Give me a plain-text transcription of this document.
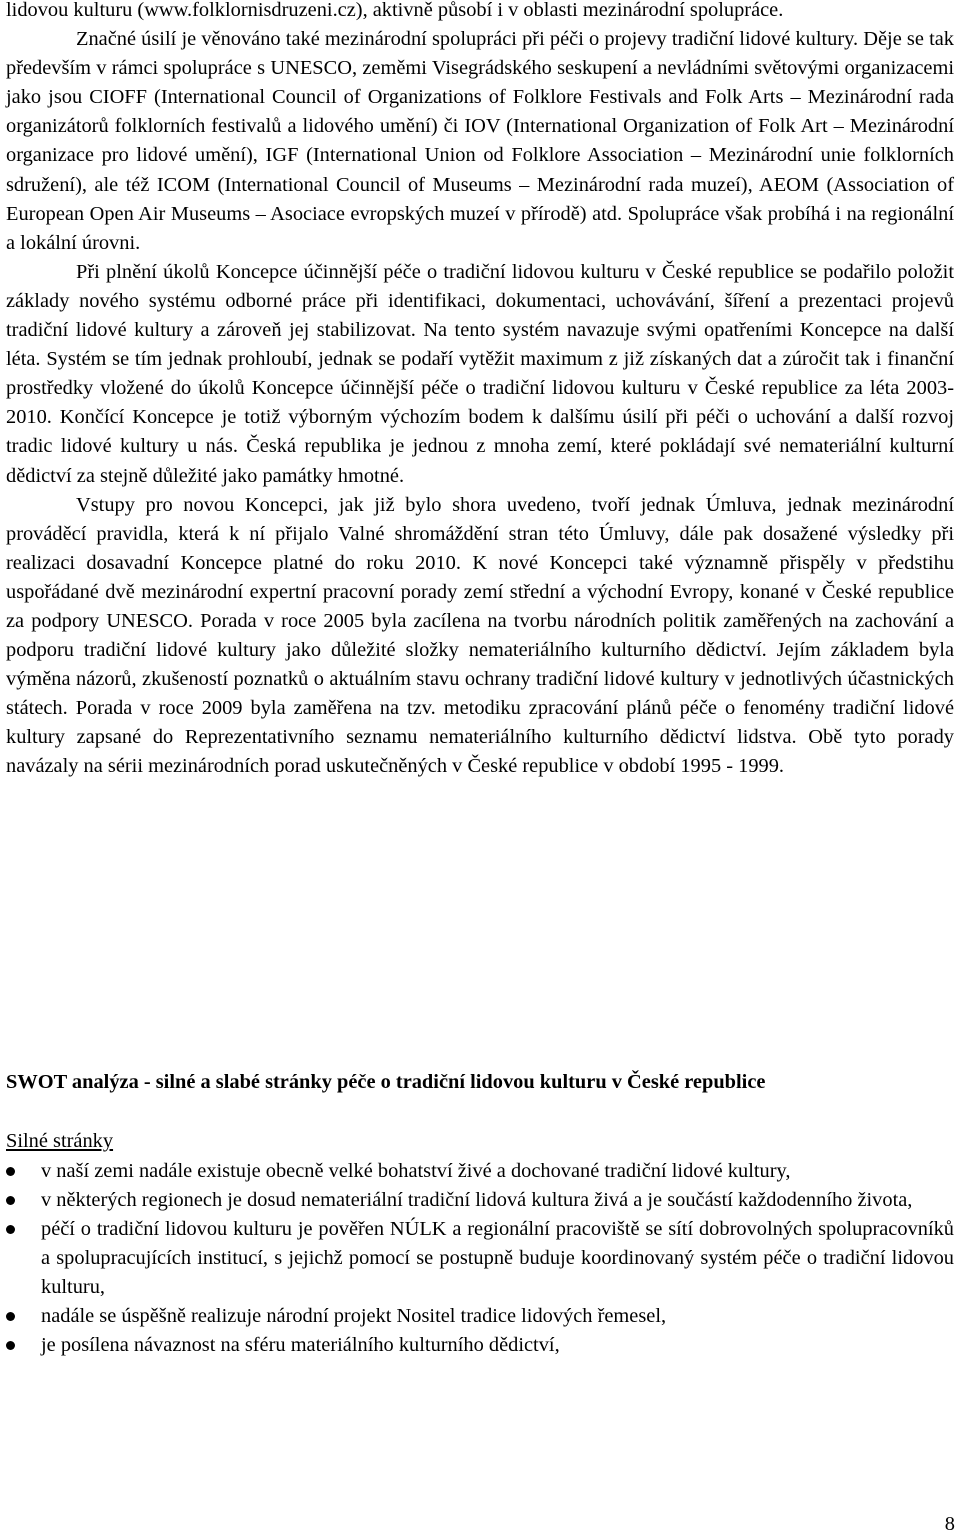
lidovou kulturu (www.folklornisdruzeni.cz), aktivně působí i v oblasti mezinárodní spolupráce.

Značné úsilí je věnováno také mezinárodní spolupráci při péči o projevy tradiční lidové kultury. Děje se tak především v rámci spolupráce s UNESCO, zeměmi Visegrádského seskupení a nevládními světovými organizacemi jako jsou CIOFF (International Council of Organizations of Folklore Festivals and Folk Arts – Mezinárodní rada organizátorů folklorních festivalů a lidového umění) či IOV (International Organization of Folk Art – Mezinárodní organizace pro lidové umění), IGF (International Union od Folklore Association – Mezinárodní unie folklorních sdružení), ale též ICOM (International Council of Museums – Mezinárodní rada muzeí), AEOM (Association of European Open Air Museums – Asociace evropských muzeí v přírodě) atd. Spolupráce však probíhá i na regionální a lokální úrovni.

Při plnění úkolů Koncepce účinnější péče o tradiční lidovou kulturu v České republice se podařilo položit základy nového systému odborné práce při identifikaci, dokumentaci, uchovávání, šíření a prezentaci projevů tradiční lidové kultury a zároveň jej stabilizovat. Na tento systém navazuje svými opatřeními Koncepce na další léta. Systém se tím jednak prohloubí, jednak se podaří vytěžit maximum z již získaných dat a zúročit tak i finanční prostředky vložené do úkolů Koncepce účinnější péče o tradiční lidovou kulturu v České republice za léta 2003-2010. Končící Koncepce je totiž výborným výchozím bodem k dalšímu úsilí při péči o uchování a další rozvoj tradic lidové kultury u nás. Česká republika je jednou z mnoha zemí, které pokládají své nemateriální kulturní dědictví za stejně důležité jako památky hmotné.

Vstupy pro novou Koncepci, jak již bylo shora uvedeno, tvoří jednak Úmluva, jednak mezinárodní prováděcí pravidla, která k ní přijalo Valné shromáždění stran této Úmluvy, dále pak dosažené výsledky při realizaci dosavadní Koncepce platné do roku 2010. K nové Koncepci také významně přispěly v předstihu uspořádané dvě mezinárodní expertní pracovní porady zemí střední a východní Evropy, konané v České republice za podpory UNESCO. Porada v roce 2005 byla zacílena na tvorbu národních politik zaměřených na zachování a podporu tradiční lidové kultury jako důležité složky nemateriálního kulturního dědictví. Jejím základem byla výměna názorů, zkušeností poznatků o aktuálním stavu ochrany tradiční lidové kultury v jednotlivých účastnických státech. Porada v roce 2009 byla zaměřena na tzv. metodiku zpracování plánů péče o fenomény tradiční lidové kultury zapsané do Reprezentativního seznamu nemateriálního kulturního dědictví lidstva. Obě tyto porady navázaly na sérii mezinárodních porad uskutečněných v České republice v období 1995 - 1999.

SWOT analýza - silné a slabé stránky péče o tradiční lidovou kulturu v České republice

Silné stránky

v naší zemi nadále existuje obecně velké bohatství živé a dochované tradiční lidové kultury,
v některých regionech je dosud nemateriální tradiční lidová kultura živá a je součástí každodenního života,
péčí o tradiční lidovou kulturu je pověřen NÚLK a regionální pracoviště se sítí dobrovolných spolupracovníků a spolupracujících institucí, s jejichž pomocí se postupně buduje koordinovaný systém péče o tradiční lidovou kulturu,
nadále se úspěšně realizuje národní projekt Nositel tradice lidových řemesel,
je posílena návaznost na sféru materiálního kulturního dědictví,
8
